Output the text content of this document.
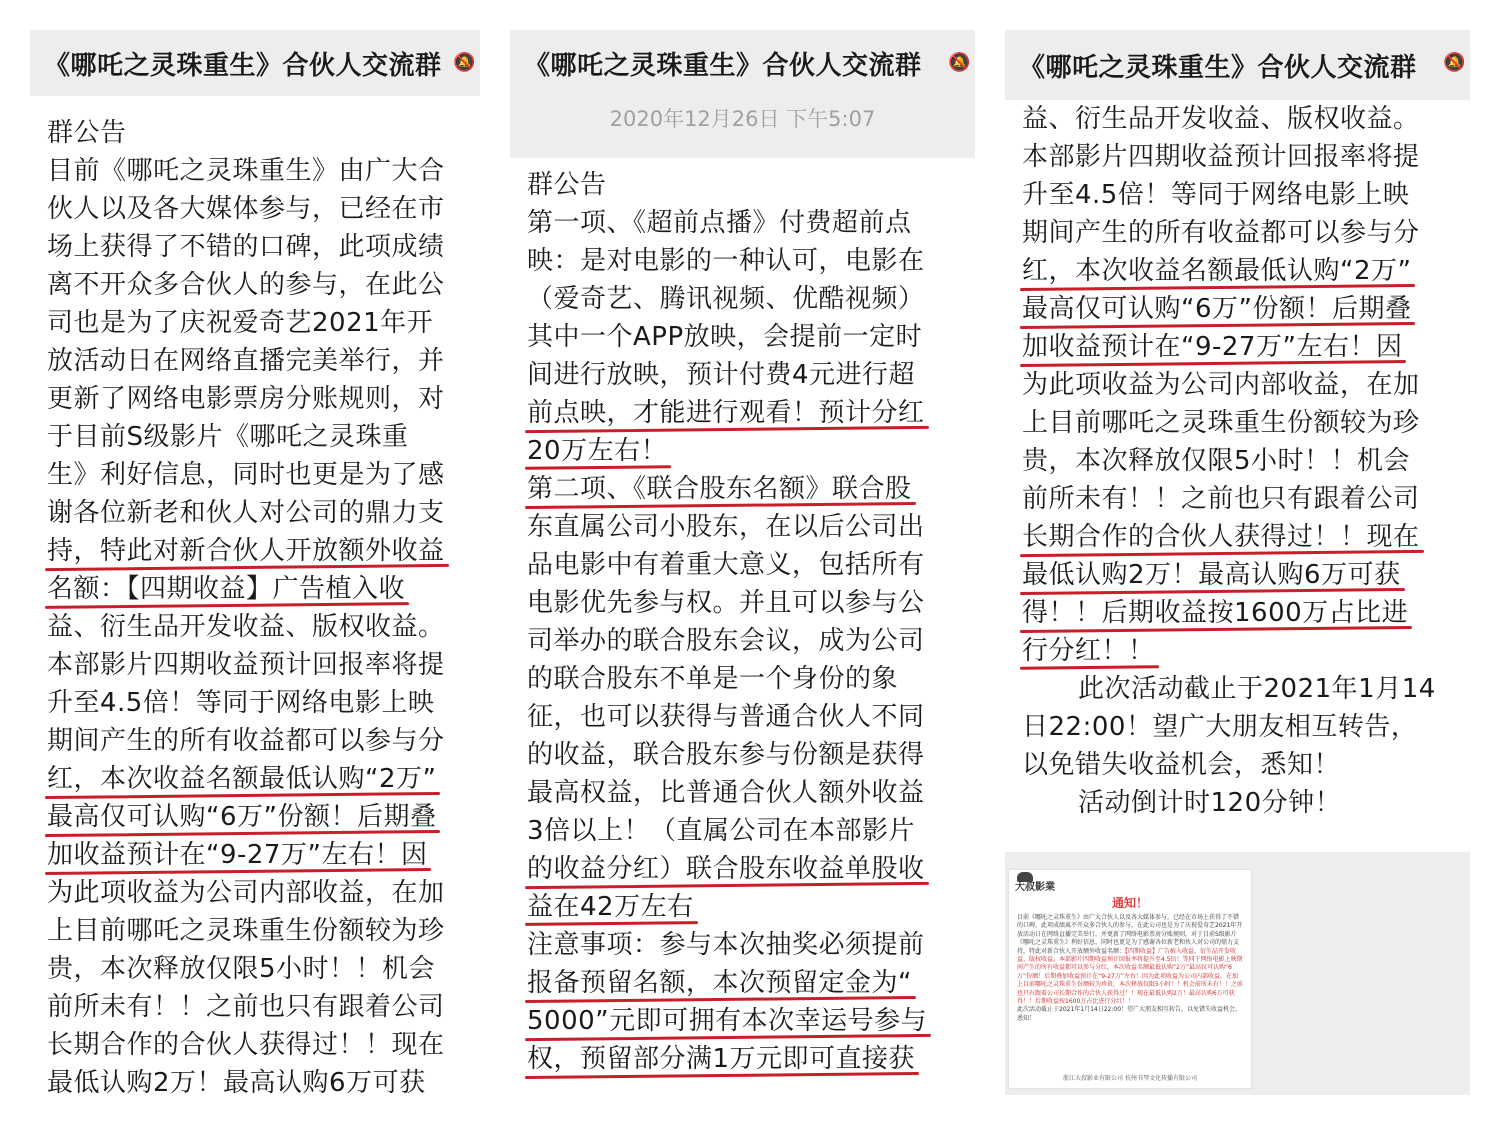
《哪吒之灵珠重生》合伙人交流群 🔕
群公告
目前《哪吒之灵珠重生》由广大合
伙人以及各大媒体参与，已经在市
场上获得了不错的口碑，此项成绩
离不开众多合伙人的参与，在此公
司也是为了庆祝爱奇艺2021年开
放活动日在网络直播完美举行，并
更新了网络电影票房分账规则，对
于目前S级影片《哪吒之灵珠重
生》利好信息，同时也更是为了感
谢各位新老和伙人对公司的鼎力支
持，特此对新合伙人开放额外收益
名额：【四期收益】广告植入收
益、衍生品开发收益、版权收益。
本部影片四期收益预计回报率将提
升至4.5倍！等同于网络电影上映
期间产生的所有收益都可以参与分
红，本次收益名额最低认购“2万”
最高仅可认购“6万”份额！后期叠
加收益预计在“9-27万”左右！因
为此项收益为公司内部收益，在加
上目前哪吒之灵珠重生份额较为珍
贵，本次释放仅限5小时！！机会
前所未有！！之前也只有跟着公司
长期合作的合伙人获得过！！现在
最低认购2万！最高认购6万可获
《哪吒之灵珠重生》合伙人交流群 🔕
2020年12月26日 下午5:07
群公告
第一项、《超前点播》付费超前点
映：是对电影的一种认可，电影在
（爱奇艺、腾讯视频、优酷视频）
其中一个APP放映，会提前一定时
间进行放映，预计付费4元进行超
前点映，才能进行观看！预计分红
20万左右！
第二项、《联合股东名额》联合股
东直属公司小股东，在以后公司出
品电影中有着重大意义，包括所有
电影优先参与权。并且可以参与公
司举办的联合股东会议，成为公司
的联合股东不单是一个身份的象
征，也可以获得与普通合伙人不同
的收益，联合股东参与份额是获得
最高权益，比普通合伙人额外收益
3倍以上！（直属公司在本部影片
的收益分红）联合股东收益单股收
益在42万左右
注意事项：参与本次抽奖必须提前
报备预留名额，本次预留定金为“
5000”元即可拥有本次幸运号参与
权，预留部分满1万元即可直接获
《哪吒之灵珠重生》合伙人交流群 🔕
益、衍生品开发收益、版权收益。
本部影片四期收益预计回报率将提
升至4.5倍！等同于网络电影上映
期间产生的所有收益都可以参与分
红，本次收益名额最低认购“2万”
最高仅可认购“6万”份额！后期叠
加收益预计在“9-27万”左右！因
为此项收益为公司内部收益，在加
上目前哪吒之灵珠重生份额较为珍
贵，本次释放仅限5小时！！机会
前所未有！！之前也只有跟着公司
长期合作的合伙人获得过！！现在
最低认购2万！最高认购6万可获
得！！后期收益按1600万占比进
行分红！！
此次活动截止于2021年1月14
日22:00！望广大朋友相互转告，
以免错失收益机会，悉知！
活动倒计时120分钟！
大叔影業
通知！
目前《哪吒之灵珠重生》由广大合伙人以及各大媒体参与，已经在市场上获得了不错的口碑，此项成绩离不开众多合伙人的参与，在此公司也是为了庆祝爱奇艺2021年开放活动日在网络直播完美举行，并更新了网络电影票房分账规则，对于目前S级影片《哪吒之灵珠重生》利好信息，同时也更是为了感谢各位新老和伙人对公司的鼎力支持，特此对新合伙人开放额外收益名额：【四期收益】广告植入收益、衍生品开发收益、版权收益。本部影片四期收益预计回报率将提升至4.5倍！等同于网络电影上映期间产生的所有收益都可以参与分红，本次收益名额最低认购“2万”最高仅可认购“6万”份额！后期叠加收益预计在“9-27万”左右！因为此项收益为公司内部收益，在加上目前哪吒之灵珠重生份额较为珍贵，本次释放仅限5小时！！机会前所未有！！之前也只有跟着公司长期合作的合伙人获得过！！现在最低认购2万！最高认购6万可获得！！后期收益按1600万占比进行分红！！
此次活动截止于2021年1月14日22:00！望广大朋友相互转告，以免错失收益机会，悉知！
浙江大叔影业有限公司 杭州书琴文化传播有限公司
